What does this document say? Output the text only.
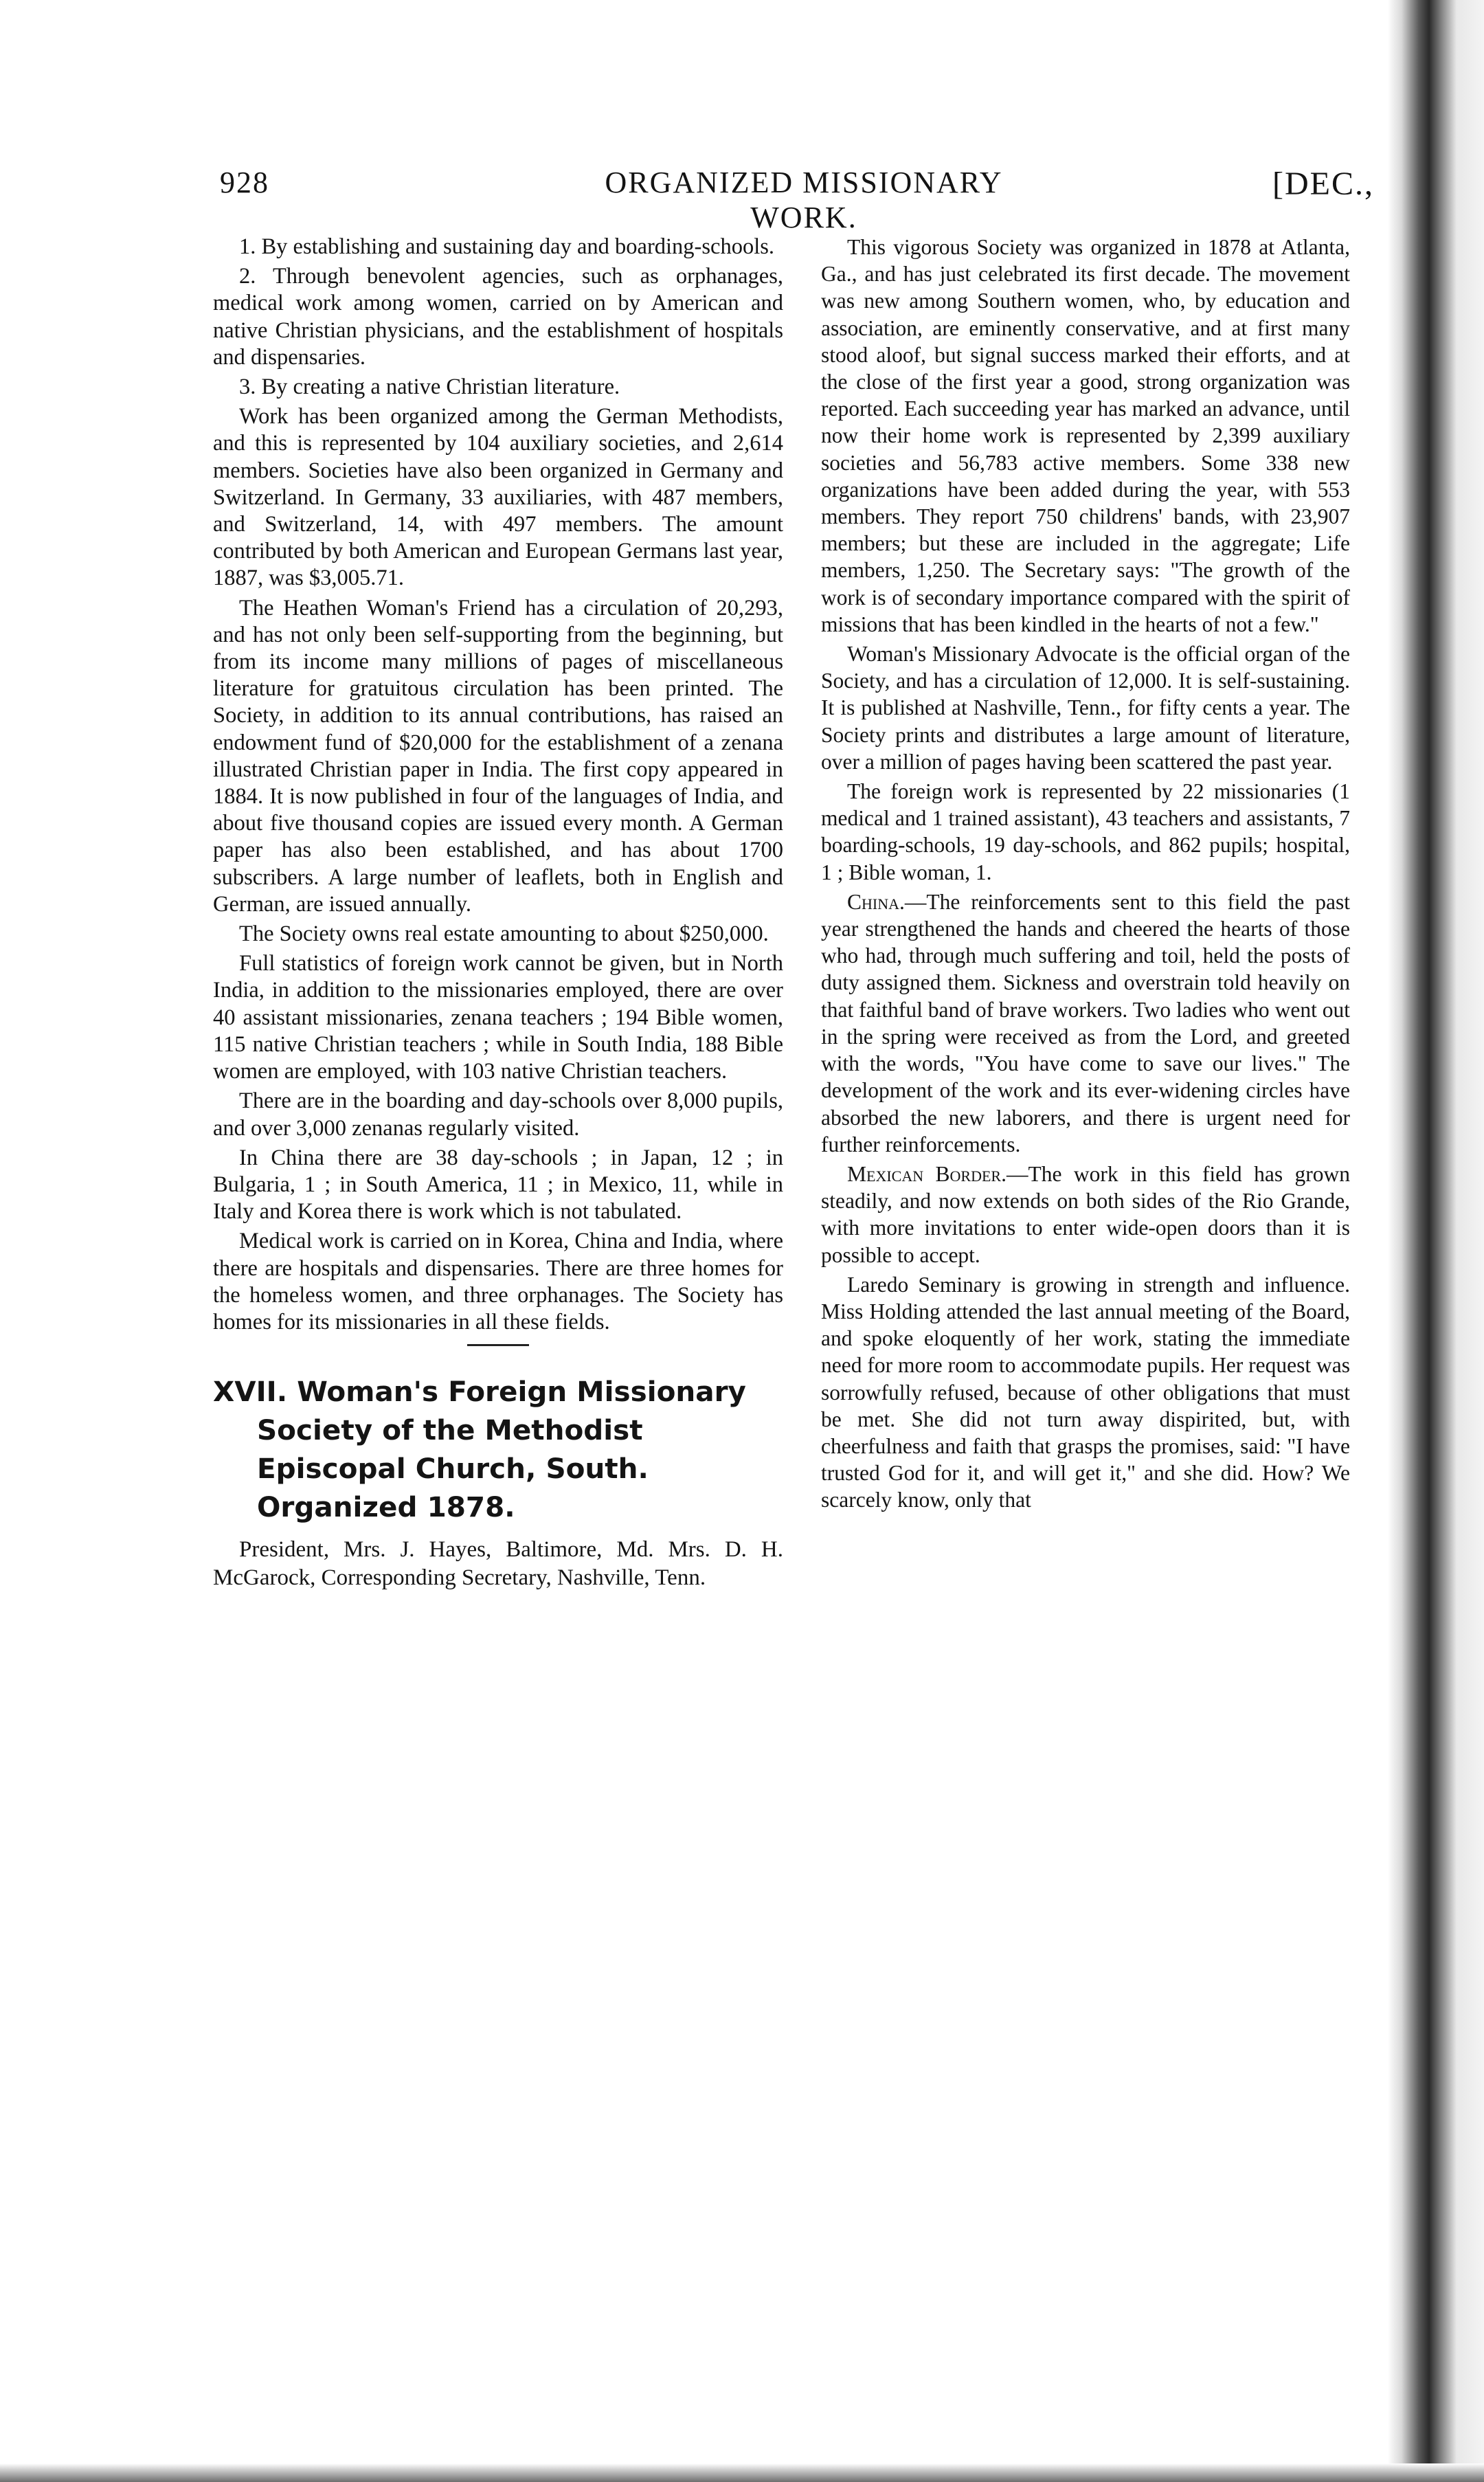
928	ORGANIZED MISSIONARY WORK.
[DEC.,

1. By establishing and sustaining day and boarding-schools.

2. Through benevolent agencies, such as orphanages, medical work among women, carried on by American and native Christian physicians, and the establishment of hospitals and dispensaries.

3. By creating a native Christian literature.

Work has been organized among the German Methodists, and this is represented by 104 auxiliary societies, and 2,614 members. Societies have also been organized in Germany and Switzerland. In Germany, 33 auxiliaries, with 487 members, and Switzerland, 14, with 497 members. The amount contributed by both American and European Germans last year, 1887, was $3,005.71.

The Heathen Woman's Friend has a circulation of 20,293, and has not only been self-supporting from the beginning, but from its income many millions of pages of miscellaneous literature for gratuitous circulation has been printed. The Society, in addition to its annual contributions, has raised an endowment fund of $20,000 for the establishment of a zenana illustrated Christian paper in India. The first copy appeared in 1884. It is now published in four of the languages of India, and about five thousand copies are issued every month. A German paper has also been established, and has about 1700 subscribers. A large number of leaflets, both in English and German, are issued annually.

The Society owns real estate amounting to about $250,000.

Full statistics of foreign work cannot be given, but in North India, in addition to the missionaries employed, there are over 40 assistant missionaries, zenana teachers ; 194 Bible women, 115 native Christian teachers ; while in South India, 188 Bible women are employed, with 103 native Christian teachers.

There are in the boarding and day-schools over 8,000 pupils, and over 3,000 zenanas regularly visited.

In China there are 38 day-schools ; in Japan, 12 ; in Bulgaria, 1 ; in South America, 11 ; in Mexico, 11, while in Italy and Korea there is work which is not tabulated.

Medical work is carried on in Korea, China and India, where there are hospitals and dispensaries. There are three homes for the homeless women, and three orphanages. The Society has homes for its missionaries in all these fields.

XVII. Woman's Foreign Missionary Society of the Methodist Episcopal Church, South. Organized 1878.

President, Mrs. J. Hayes, Baltimore, Md. Mrs. D. H. McGarock, Corresponding Secretary, Nashville, Tenn.

This vigorous Society was organized in 1878 at Atlanta, Ga., and has just celebrated its first decade. The movement was new among Southern women, who, by education and association, are eminently conservative, and at first many stood aloof, but signal success marked their efforts, and at the close of the first year a good, strong organization was reported. Each succeeding year has marked an advance, until now their home work is represented by 2,399 auxiliary societies and 56,783 active members. Some 338 new organizations have been added during the year, with 553 members. They report 750 childrens' bands, with 23,907 members; but these are included in the aggregate; Life members, 1,250. The Secretary says: "The growth of the work is of secondary importance compared with the spirit of missions that has been kindled in the hearts of not a few."

Woman's Missionary Advocate is the official organ of the Society, and has a circulation of 12,000. It is self-sustaining. It is published at Nashville, Tenn., for fifty cents a year. The Society prints and distributes a large amount of literature, over a million of pages having been scattered the past year.

The foreign work is represented by 22 missionaries (1 medical and 1 trained assistant), 43 teachers and assistants, 7 boarding-schools, 19 day-schools, and 862 pupils; hospital, 1 ; Bible woman, 1.

China.—The reinforcements sent to this field the past year strengthened the hands and cheered the hearts of those who had, through much suffering and toil, held the posts of duty assigned them. Sickness and overstrain told heavily on that faithful band of brave workers. Two ladies who went out in the spring were received as from the Lord, and greeted with the words, "You have come to save our lives." The development of the work and its ever-widening circles have absorbed the new laborers, and there is urgent need for further reinforcements.

Mexican Border.—The work in this field has grown steadily, and now extends on both sides of the Rio Grande, with more invitations to enter wide-open doors than it is possible to accept.

Laredo Seminary is growing in strength and influence. Miss Holding attended the last annual meeting of the Board, and spoke eloquently of her work, stating the immediate need for more room to accommodate pupils. Her request was sorrowfully refused, because of other obligations that must be met. She did not turn away dispirited, but, with cheerfulness and faith that grasps the promises, said: "I have trusted God for it, and will get it," and she did. How? We scarcely know, only that
